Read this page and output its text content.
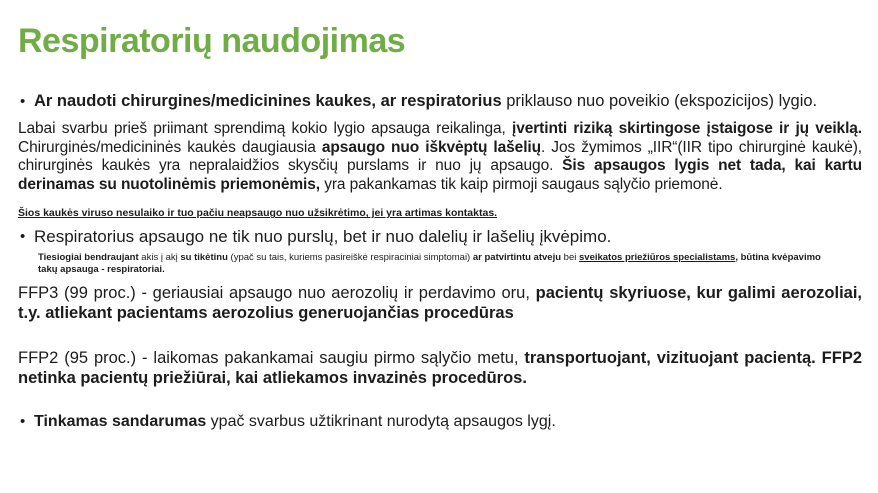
Respiratorių naudojimas
• Ar naudoti chirurgines/medicinines kaukes, ar respiratorius priklauso nuo poveikio (ekspozicijos) lygio.

Labai svarbu prieš priimant sprendimą kokio lygio apsauga reikalinga, įvertinti riziką skirtingose įstaigose ir jų veiklą. Chirurginės/medicininės kaukės daugiausia apsaugo nuo iškvėptų lašelių. Jos žymimos „IIR“(IIR tipo chirurginė kaukė), chirurginės kaukės yra nepralaidžios skysčių purslams ir nuo jų apsaugo. Šis apsaugos lygis net tada, kai kartu derinamas su nuotolinėmis priemonėmis, yra pakankamas tik kaip pirmoji saugaus sąlyčio priemonė.

Šios kaukės viruso nesulaiko ir tuo pačiu neapsaugo nuo užsikrėtimo, jei yra artimas kontaktas.

• Respiratorius apsaugo ne tik nuo purslų, bet ir nuo dalelių ir lašelių įkvėpimo.

Tiesiogiai bendraujant akis į akį su tikėtinu (ypač su tais, kuriems pasireiškė respiraciniai simptomai) ar patvirtintu atveju bei sveikatos priežiūros specialistams, būtina kvėpavimo takų apsauga - respiratoriai.

FFP3 (99 proc.) - geriausiai apsaugo nuo aerozolių ir perdavimo oru, pacientų skyriuose, kur galimi aerozoliai, t.y. atliekant pacientams aerozolius generuojančias procedūras

FFP2 (95 proc.) - laikomas pakankamai saugiu pirmo sąlyčio metu, transportuojant, vizituojant pacientą. FFP2 netinka pacientų priežiūrai, kai atliekamos invazinės procedūros.

• Tinkamas sandarumas ypač svarbus užtikrinant nurodytą apsaugos lygį.
